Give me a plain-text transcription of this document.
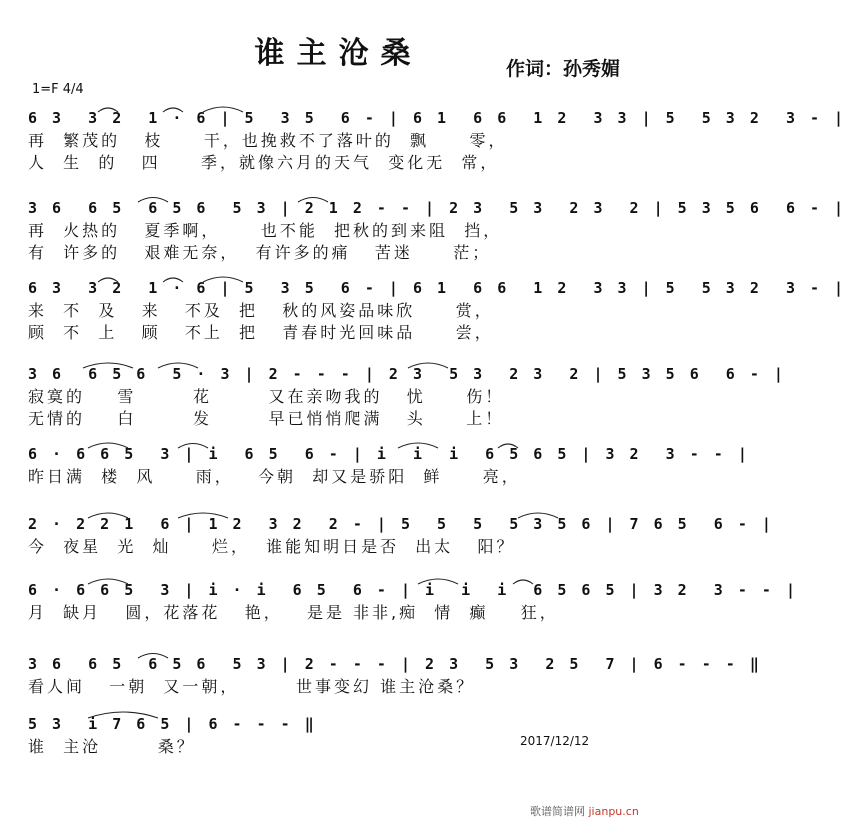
谁主沧桑	作词：孙秀媚
1=F 4/4
6 3  3 2  1 · 6 | 5  3 5  6 - | 6 1  6 6  1 2  3 3 | 5  5 3 2  3 - |
再  繁茂的   枝     干，也挽救不了落叶的  飘     零，
人  生  的   四     季，就像六月的天气  变化无  常，
3 6  6 5  6 5 6  5 3 | 2 1 2 - - | 2 3  5 3  2 3  2 | 5 3 5 6  6 - |
再  火热的   夏季啊，     也不能  把秋的到来阻  挡，
有  许多的   艰难无奈，  有许多的痛   苦迷     茫；
6 3  3 2  1 · 6 | 5  3 5  6 - | 6 1  6 6  1 2  3 3 | 5  5 3 2  3 - |
来  不  及   来   不及  把   秋的风姿品味欣     赏，
顾  不  上   顾   不上  把   青春时光回味品     尝，
3 6  6 5 6  5 · 3 | 2 - - - | 2 3  5 3  2 3  2 | 5 3 5 6  6 - |
寂寞的    雪       花       又在亲吻我的   忧     伤！
无情的    白       发       早已悄悄爬满   头     上！
6 · 6 6 5  3 | i  6 5  6 - | i  i  i  6 5 6 5 | 3 2  3 - - |
昨日满  楼  风     雨，   今朝  却又是骄阳  鲜     亮，
2 · 2 2 1  6 | 1 2  3 2  2 - | 5  5  5  5 3 5 6 | 7 6 5  6 - |
今  夜星  光  灿     烂，  谁能知明日是否  出太   阳？
6 · 6 6 5  3 | i · i  6 5  6 - | i  i  i  6 5 6 5 | 3 2  3 - - |
月  缺月   圆，花落花   艳，   是是 非非,痴  情  癫    狂，
3 6  6 5  6 5 6  5 3 | 2 - - - | 2 3  5 3  2 5  7 | 6 - - - ‖
看人间   一朝  又一朝，       世事变幻 谁主沧桑？
5 3  i 7 6 5 | 6 - - - ‖
谁  主沧       桑？	2017/12/12
歌谱简谱网 jianpu.cn
